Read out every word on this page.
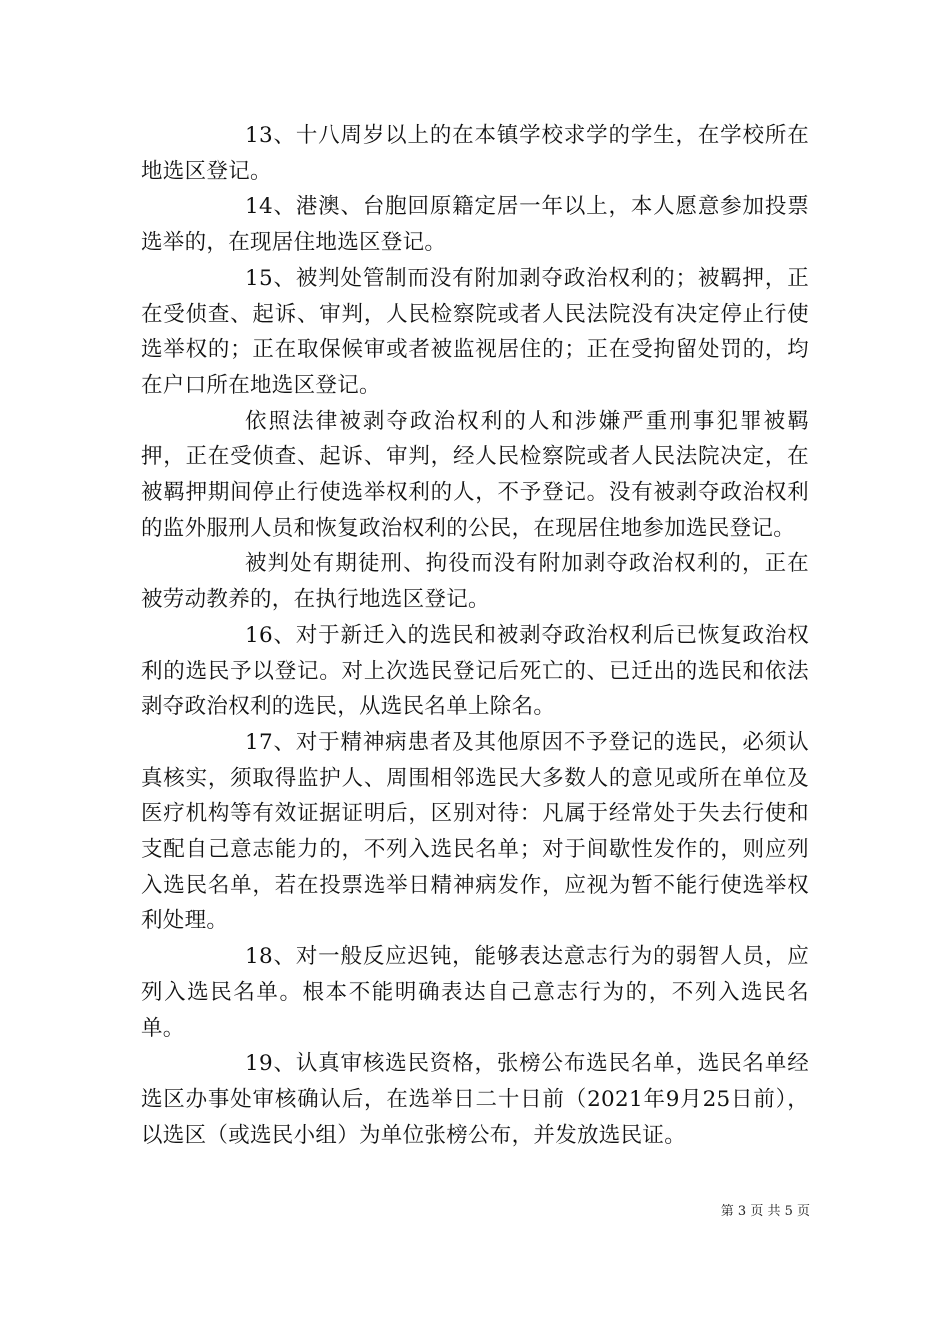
13、十八周岁以上的在本镇学校求学的学生，在学校所在地选区登记。

14、港澳、台胞回原籍定居一年以上，本人愿意参加投票选举的，在现居住地选区登记。

15、被判处管制而没有附加剥夺政治权利的；被羁押，正在受侦查、起诉、审判，人民检察院或者人民法院没有决定停止行使选举权的；正在取保候审或者被监视居住的；正在受拘留处罚的，均在户口所在地选区登记。

依照法律被剥夺政治权利的人和涉嫌严重刑事犯罪被羁押，正在受侦查、起诉、审判，经人民检察院或者人民法院决定，在被羁押期间停止行使选举权利的人，不予登记。没有被剥夺政治权利的监外服刑人员和恢复政治权利的公民，在现居住地参加选民登记。

被判处有期徒刑、拘役而没有附加剥夺政治权利的，正在被劳动教养的，在执行地选区登记。

16、对于新迁入的选民和被剥夺政治权利后已恢复政治权利的选民予以登记。对上次选民登记后死亡的、已迁出的选民和依法剥夺政治权利的选民，从选民名单上除名。

17、对于精神病患者及其他原因不予登记的选民，必须认真核实，须取得监护人、周围相邻选民大多数人的意见或所在单位及医疗机构等有效证据证明后，区别对待：凡属于经常处于失去行使和支配自己意志能力的，不列入选民名单；对于间歇性发作的，则应列入选民名单，若在投票选举日精神病发作，应视为暂不能行使选举权利处理。

18、对一般反应迟钝，能够表达意志行为的弱智人员，应列入选民名单。根本不能明确表达自己意志行为的，不列入选民名单。

19、认真审核选民资格，张榜公布选民名单，选民名单经选区办事处审核确认后，在选举日二十日前（2021年9月25日前），以选区（或选民小组）为单位张榜公布，并发放选民证。

第 3 页 共 5 页
